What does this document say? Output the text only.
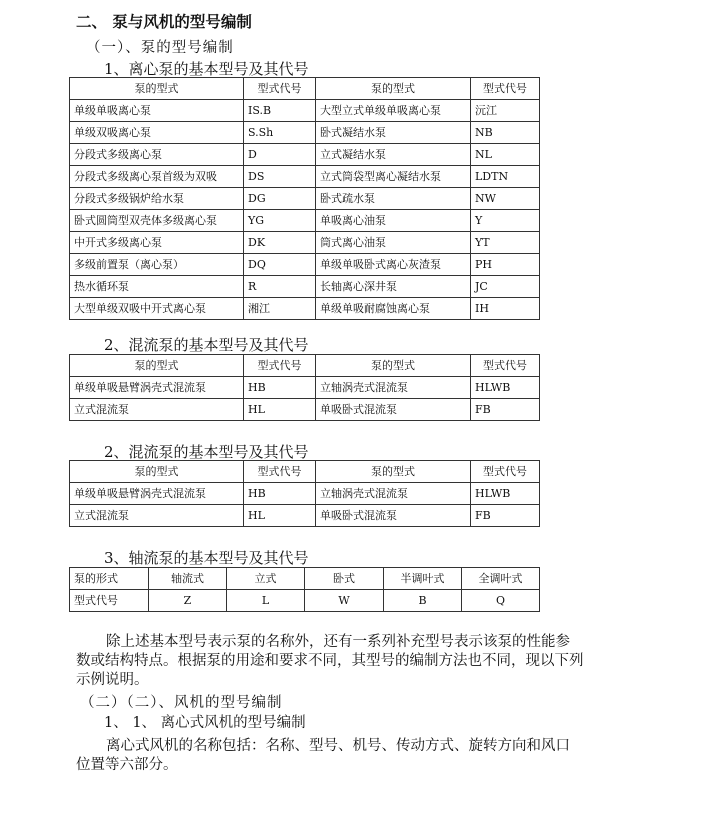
二、 泵与风机的型号编制
（一）、泵的型号编制
1、离心泵的基本型号及其代号
泵的型式	型式代号	泵的型式	型式代号
单级单吸离心泵	IS.B	大型立式单级单吸离心泵	沅江
单级双吸离心泵	S.Sh	卧式凝结水泵	NB
分段式多级离心泵	D	立式凝结水泵	NL
分段式多级离心泵首级为双吸	DS	立式筒袋型离心凝结水泵	LDTN
分段式多级锅炉给水泵	DG	卧式疏水泵	NW
卧式圆筒型双壳体多级离心泵	YG	单吸离心油泵	Y
中开式多级离心泵	DK	筒式离心油泵	YT
多级前置泵（离心泵）	DQ	单级单吸卧式离心灰渣泵	PH
热水循环泵	R	长轴离心深井泵	JC
大型单级双吸中开式离心泵	湘江	单级单吸耐腐蚀离心泵	IH
2、混流泵的基本型号及其代号
泵的型式	型式代号	泵的型式	型式代号
单级单吸悬臂涡壳式混流泵	HB	立轴涡壳式混流泵	HLWB
立式混流泵	HL	单吸卧式混流泵	FB
2、混流泵的基本型号及其代号
泵的型式	型式代号	泵的型式	型式代号
单级单吸悬臂涡壳式混流泵	HB	立轴涡壳式混流泵	HLWB
立式混流泵	HL	单吸卧式混流泵	FB
3、轴流泵的基本型号及其代号
泵的形式	轴流式	立式	卧式	半调叶式	全调叶式
型式代号	Z	L	W	B	Q
除上述基本型号表示泵的名称外，还有一系列补充型号表示该泵的性能参
数或结构特点。根据泵的用途和要求不同，其型号的编制方法也不同，现以下列
示例说明。
（二）（二）、风机的型号编制
1、 1、 离心式风机的型号编制
离心式风机的名称包括：名称、型号、机号、传动方式、旋转方向和风口
位置等六部分。
